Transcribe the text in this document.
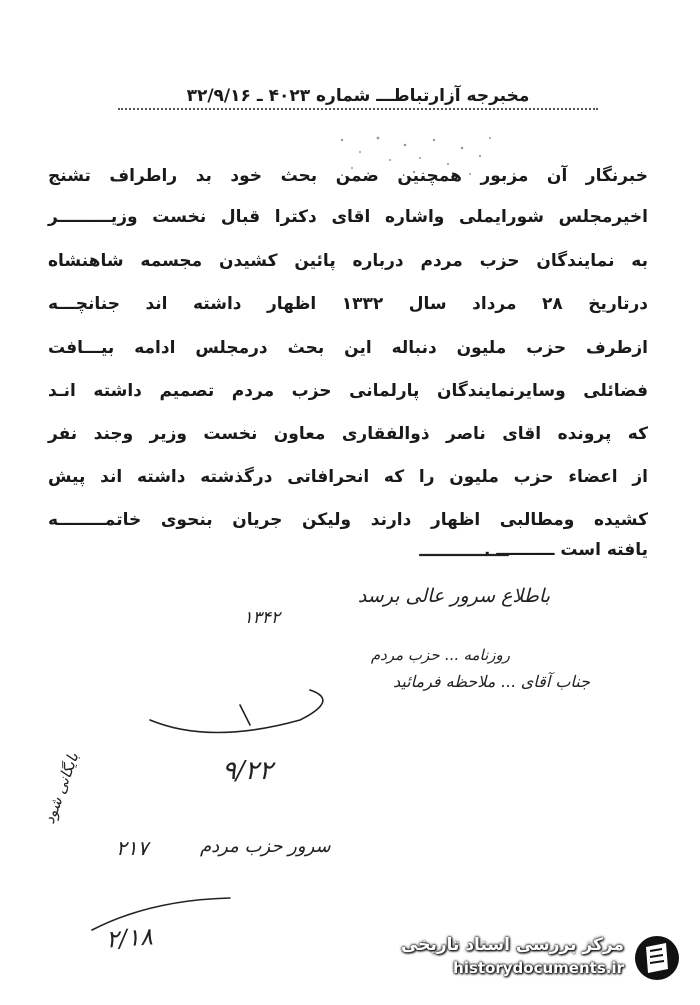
مخبرجه آزارتباطـــ شماره ۴۰۲۳ ـ ۳۲/۹/۱۶
خبرنگار آن مزبور همچنین ضمن بحث خود بد راطراف تشنج
اخیرمجلس شورایملی واشاره اقای دکترا قبال نخست وزیـــــــــر
به نمایندگان حزب مردم درباره پائین کشیدن مجسمه شاهنشاه
درتاریخ ۲۸ مرداد سال ۱۳۳۲ اظهار داشته اند جنانچـــه
ازطرف حزب ملیون دنباله این بحث درمجلس ادامه بیـــافت
فضائلی وسایرنمایندگان پارلمانی حزب مردم تصمیم داشته انـد
که پرونده اقای ناصر ذوالفقاری معاون نخست وزیر وجند نفر
از اعضاء حزب ملیون را که انحرافاتی درگذشته داشته اند پیش
کشیده ومطالبی اظهار دارند ولیکن جریان بنحوی خاتمــــــــه
یافته است ــــــــــ .
باطلاع سرور عالی برسد
۱۳۴۲
جناب آقای ... ملاحظه فرمائید
روزنامه ... حزب مردم
۹/۲۲
سرور حزب مردم
۲۱۷
۲/۱۸
بایگانی شود
مرکز بررسی اسناد تاریخی
historydocuments.ir
